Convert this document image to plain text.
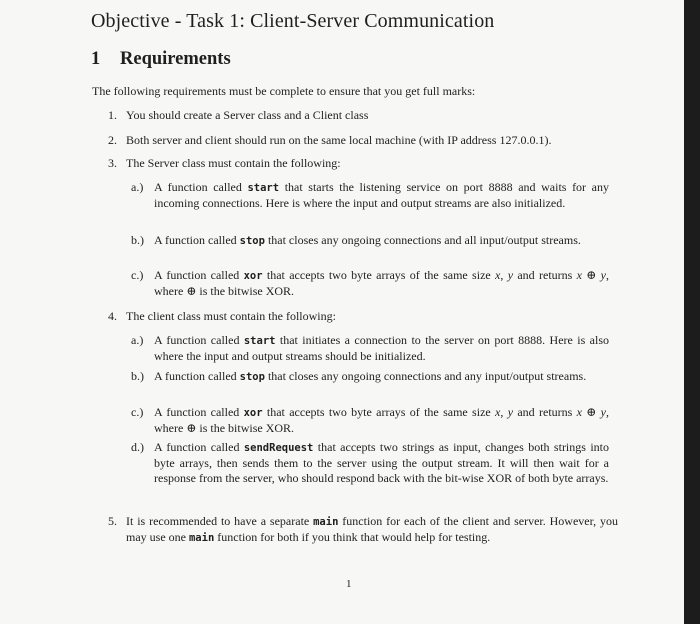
Objective - Task 1: Client-Server Communication
1 Requirements
The following requirements must be complete to ensure that you get full marks:
1. You should create a Server class and a Client class
2. Both server and client should run on the same local machine (with IP address 127.0.0.1).
3. The Server class must contain the following:
a.) A function called start that starts the listening service on port 8888 and waits for any incoming connections. Here is where the input and output streams are also initialized.
b.) A function called stop that closes any ongoing connections and all input/output streams.
c.) A function called xor that accepts two byte arrays of the same size x, y and returns x ⊕ y, where ⊕ is the bitwise XOR.
4. The client class must contain the following:
a.) A function called start that initiates a connection to the server on port 8888. Here is also where the input and output streams should be initialized.
b.) A function called stop that closes any ongoing connections and any input/output streams.
c.) A function called xor that accepts two byte arrays of the same size x, y and returns x ⊕ y, where ⊕ is the bitwise XOR.
d.) A function called sendRequest that accepts two strings as input, changes both strings into byte arrays, then sends them to the server using the output stream. It will then wait for a response from the server, who should respond back with the bit-wise XOR of both byte arrays.
5. It is recommended to have a separate main function for each of the client and server. However, you may use one main function for both if you think that would help for testing.
1
